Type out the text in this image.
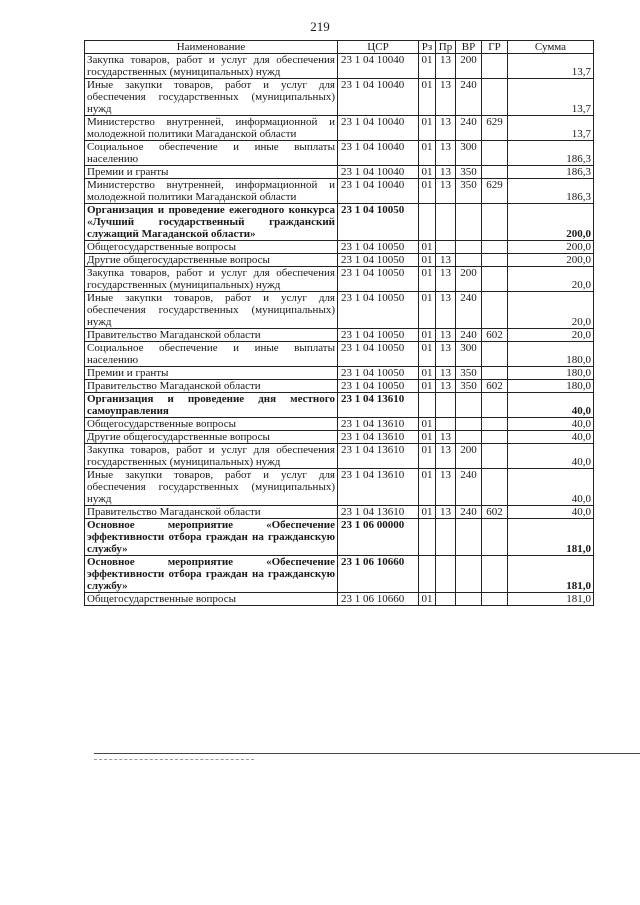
219
Наименование	ЦСР	Рз	Пр	ВР	ГР	Сумма
Закупка товаров, работ и услуг для обеспечения государственных (муниципальных) нужд	23 1 04 10040	01	13	200		13,7
Иные закупки товаров, работ и услуг для обеспечения государственных (муниципальных) нужд	23 1 04 10040	01	13	240		13,7
Министерство внутренней, информационной и молодежной политики Магаданской области	23 1 04 10040	01	13	240	629	13,7
Социальное обеспечение и иные выплаты населению	23 1 04 10040	01	13	300		186,3
Премии и гранты	23 1 04 10040	01	13	350		186,3
Министерство внутренней, информационной и молодежной политики Магаданской области	23 1 04 10040	01	13	350	629	186,3
Организация и проведение ежегодного конкурса «Лучший государственный гражданский служащий Магаданской области»	23 1 04 10050					200,0
Общегосударственные вопросы	23 1 04 10050	01				200,0
Другие общегосударственные вопросы	23 1 04 10050	01	13			200,0
Закупка товаров, работ и услуг для обеспечения государственных (муниципальных) нужд	23 1 04 10050	01	13	200		20,0
Иные закупки товаров, работ и услуг для обеспечения государственных (муниципальных) нужд	23 1 04 10050	01	13	240		20,0
Правительство Магаданской области	23 1 04 10050	01	13	240	602	20,0
Социальное обеспечение и иные выплаты населению	23 1 04 10050	01	13	300		180,0
Премии и гранты	23 1 04 10050	01	13	350		180,0
Правительство Магаданской области	23 1 04 10050	01	13	350	602	180,0
Организация и проведение дня местного самоуправления	23 1 04 13610					40,0
Общегосударственные вопросы	23 1 04 13610	01				40,0
Другие общегосударственные вопросы	23 1 04 13610	01	13			40,0
Закупка товаров, работ и услуг для обеспечения государственных (муниципальных) нужд	23 1 04 13610	01	13	200		40,0
Иные закупки товаров, работ и услуг для обеспечения государственных (муниципальных) нужд	23 1 04 13610	01	13	240		40,0
Правительство Магаданской области	23 1 04 13610	01	13	240	602	40,0
Основное мероприятие «Обеспечение эффективности отбора граждан на гражданскую службу»	23 1 06 00000					181,0
Основное мероприятие «Обеспечение эффективности отбора граждан на гражданскую службу»	23 1 06 10660					181,0
Общегосударственные вопросы	23 1 06 10660	01				181,0
